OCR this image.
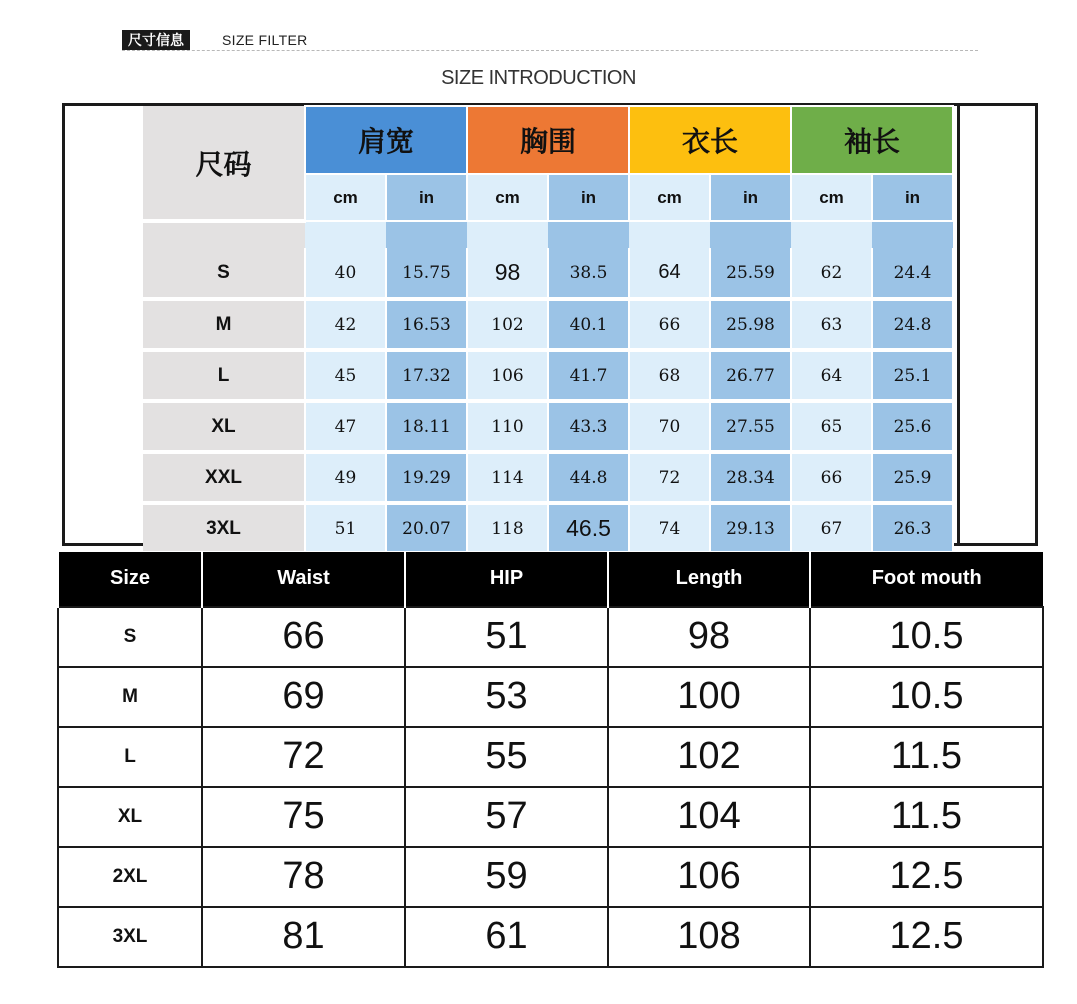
尺寸信息	SIZE FILTER
SIZE INTRODUCTION
尺码	肩宽		胸围		衣长		袖长	
	cm	in	cm	in	cm	in	cm	in

S	40	15.75	98	38.5	64	25.59	62	24.4
M	42	16.53	102	40.1	66	25.98	63	24.8
L	45	17.32	106	41.7	68	26.77	64	25.1
XL	47	18.11	110	43.3	70	27.55	65	25.6
XXL	49	19.29	114	44.8	72	28.34	66	25.9
3XL	51	20.07	118	46.5	74	29.13	67	26.3
Size	Waist	HIP	Length	Foot mouth
S	66	51	98	10.5
M	69	53	100	10.5
L	72	55	102	11.5
XL	75	57	104	11.5
2XL	78	59	106	12.5
3XL	81	61	108	12.5
